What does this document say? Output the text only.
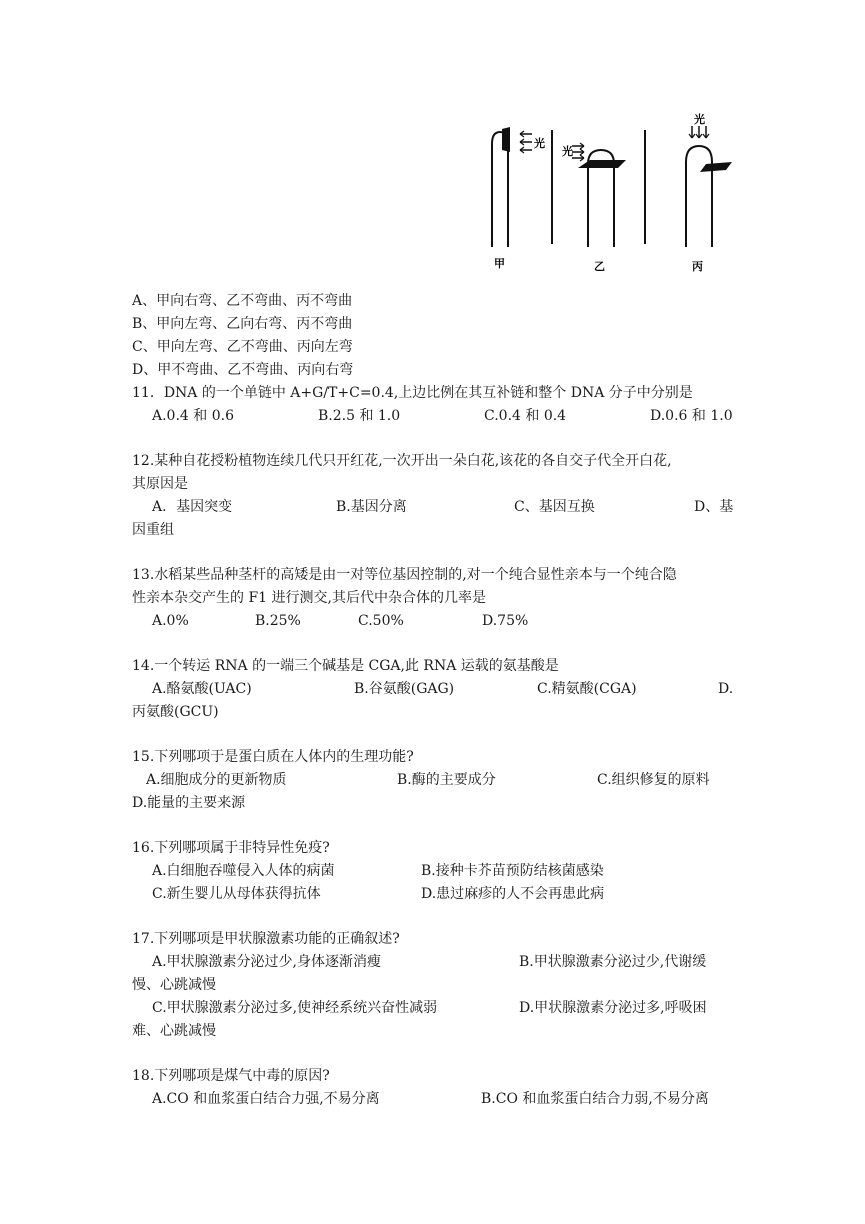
光
光
光
甲	乙	丙
A、甲向右弯、乙不弯曲、丙不弯曲
B、甲向左弯、乙向右弯、丙不弯曲
C、甲向左弯、乙不弯曲、丙向左弯
D、甲不弯曲、乙不弯曲、丙向右弯
11．DNA 的一个单链中 A+G/T+C=0.4,上边比例在其互补链和整个 DNA 分子中分别是
A.0.4 和 0.6	B.2.5 和 1.0	C.0.4 和 0.4	D.0.6 和 1.0
12.某种自花授粉植物连续几代只开红花,一次开出一朵白花,该花的各自交子代全开白花,
其原因是
A．基因突变	B.基因分离	C、基因互换	D、基
因重组
13.水稻某些品种茎杆的高矮是由一对等位基因控制的,对一个纯合显性亲本与一个纯合隐
性亲本杂交产生的 F1 进行测交,其后代中杂合体的几率是
A.0%	B.25%	C.50%	D.75%
14.一个转运 RNA 的一端三个碱基是 CGA,此 RNA 运载的氨基酸是
A.酪氨酸(UAC)	B.谷氨酸(GAG)	C.精氨酸(CGA)	D.
丙氨酸(GCU)
15.下列哪项于是蛋白质在人体内的生理功能?
A.细胞成分的更新物质	B.酶的主要成分	C.组织修复的原料
D.能量的主要来源
16.下列哪项属于非特异性免疫?
A.白细胞吞噬侵入人体的病菌	B.接种卡芥苗预防结核菌感染
C.新生婴儿从母体获得抗体	D.患过麻疹的人不会再患此病
17.下列哪项是甲状腺激素功能的正确叙述?
A.甲状腺激素分泌过少,身体逐渐消瘦	B.甲状腺激素分泌过少,代谢缓
慢、心跳减慢
C.甲状腺激素分泌过多,使神经系统兴奋性减弱	D.甲状腺激素分泌过多,呼吸困
难、心跳减慢
18.下列哪项是煤气中毒的原因?
A.CO 和血浆蛋白结合力强,不易分离	B.CO 和血浆蛋白结合力弱,不易分离
